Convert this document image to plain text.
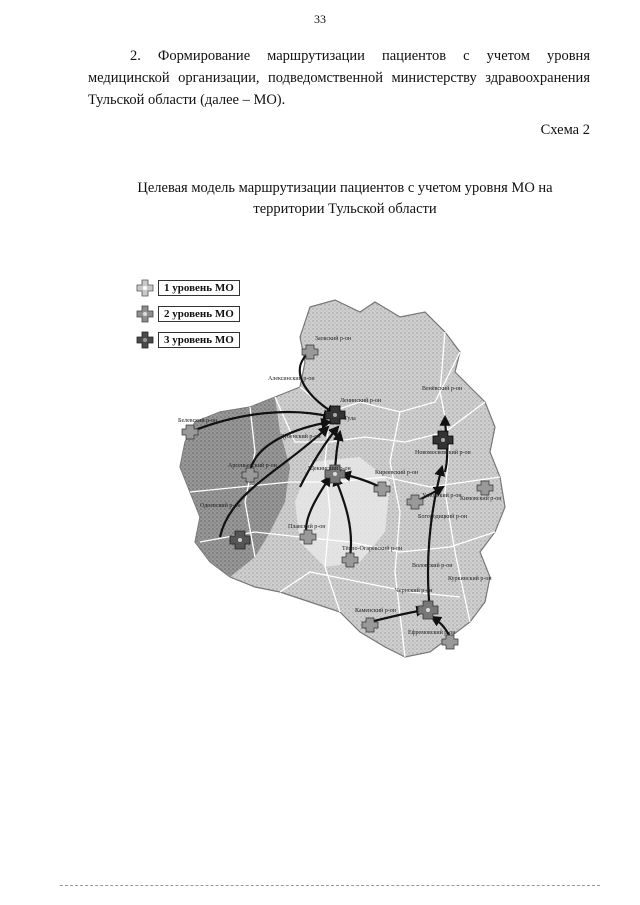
33

2. Формирование маршрутизации пациентов с учетом уровня медицинской организации, подведомственной министерству здравоохранения Тульской области (далее – МО).

Схема 2
Целевая модель маршрутизации пациентов с учетом уровня МО на территории Тульской области
1 уровень МО
2 уровень МО
3 уровень МО	Заокский р-он
Алексинский р-он
Ленинский р-он
Тула
Дубенский р-он
Венёвский р-он
Новомосковский р-он
Кимовский р-он
Щекинский р-он
Одоевский р-он
Белевский р-он
Киреевский р-он
Узловский р-он
Богородицкий р-он
Плавский р-он
Тёпло-Огарёвский р-он
Воловский р-он
Куркинский р-он
Чернский р-он
Арсеньевский р-он
Каменский р-он
Ефремовский р-он
